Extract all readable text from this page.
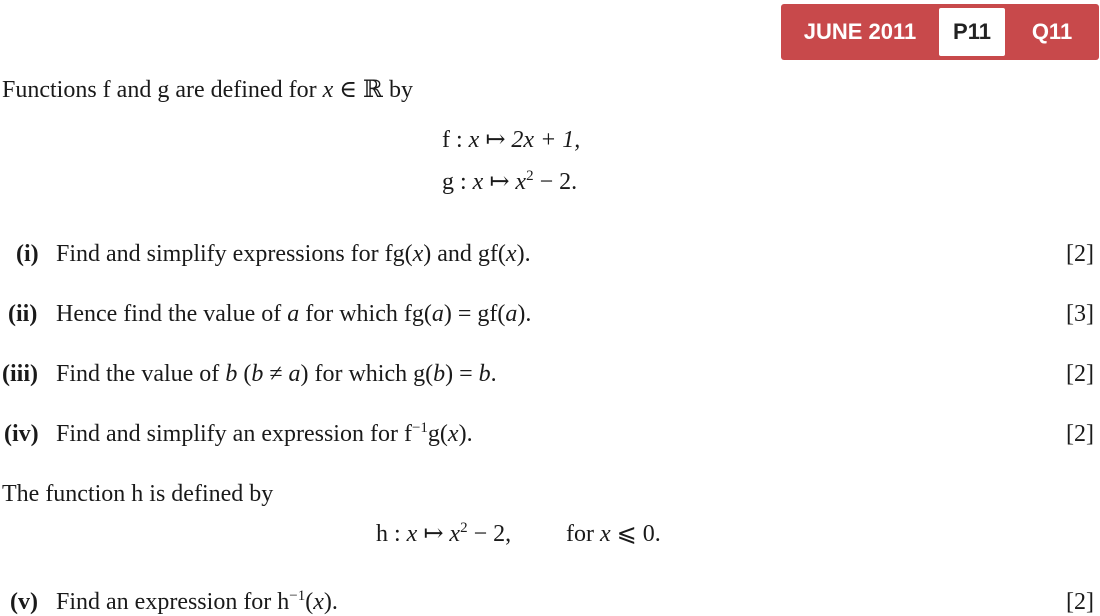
JUNE 2011	P11	Q11
Functions f and g are defined for x ∈ ℝ by
f : x ↦ 2x + 1,
g : x ↦ $x^2 - 2$.
(i) Find and simplify expressions for fg(x) and gf(x).	[2]
(ii) Hence find the value of a for which fg(a) = gf(a).	[3]
(iii) Find the value of b (b ≠ a) for which g(b) = b.	[2]
(iv) Find and simplify an expression for $f^{-1}g(x)$.	[2]
The function h is defined by
h : x ↦ $x^2 - 2$, for x ⩽ 0.
(v) Find an expression for $h^{-1}(x)$.	[2]
